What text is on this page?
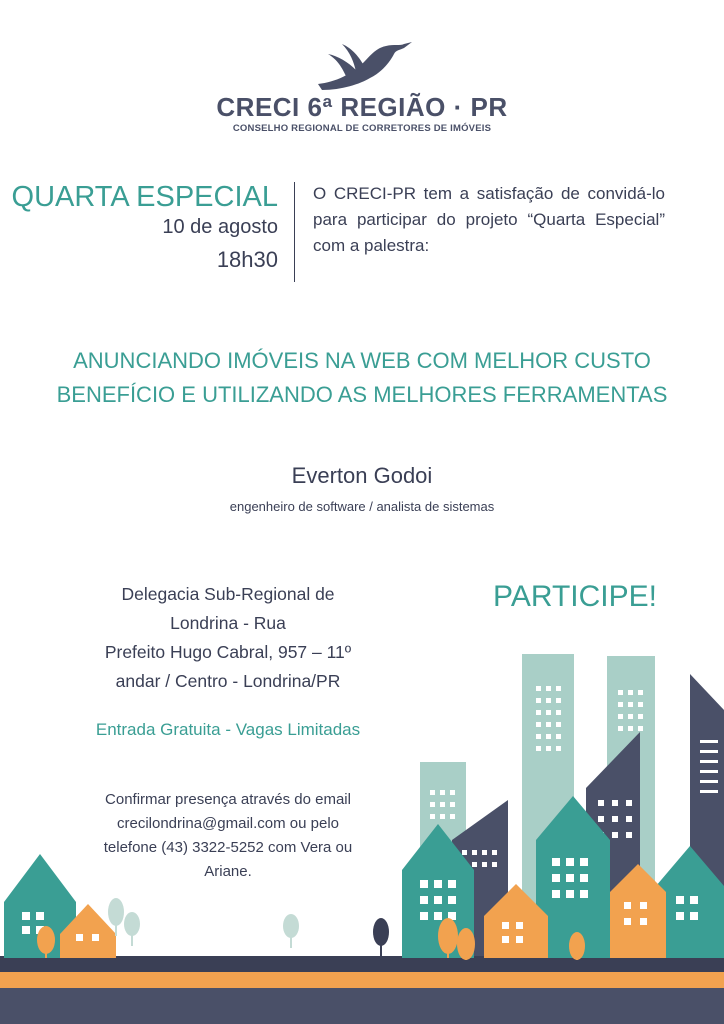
CRECI 6ª REGIÃO · PR
CONSELHO REGIONAL DE CORRETORES DE IMÓVEIS
QUARTA ESPECIAL
10 de agosto
18h30
O CRECI-PR tem a satisfação de convidá-lo para participar do projeto “Quarta Especial” com a palestra:
ANUNCIANDO IMÓVEIS NA WEB COM MELHOR CUSTO
BENEFÍCIO E UTILIZANDO AS MELHORES FERRAMENTAS
Everton Godoi
engenheiro de software / analista de sistemas
Delegacia Sub-Regional de
Londrina - Rua
Prefeito Hugo Cabral, 957 – 11º
andar / Centro - Londrina/PR
Entrada Gratuita - Vagas Limitadas
Confirmar presença através do email
crecilondrina@gmail.com ou pelo
telefone (43) 3322-5252 com Vera ou
Ariane.
PARTICIPE!
